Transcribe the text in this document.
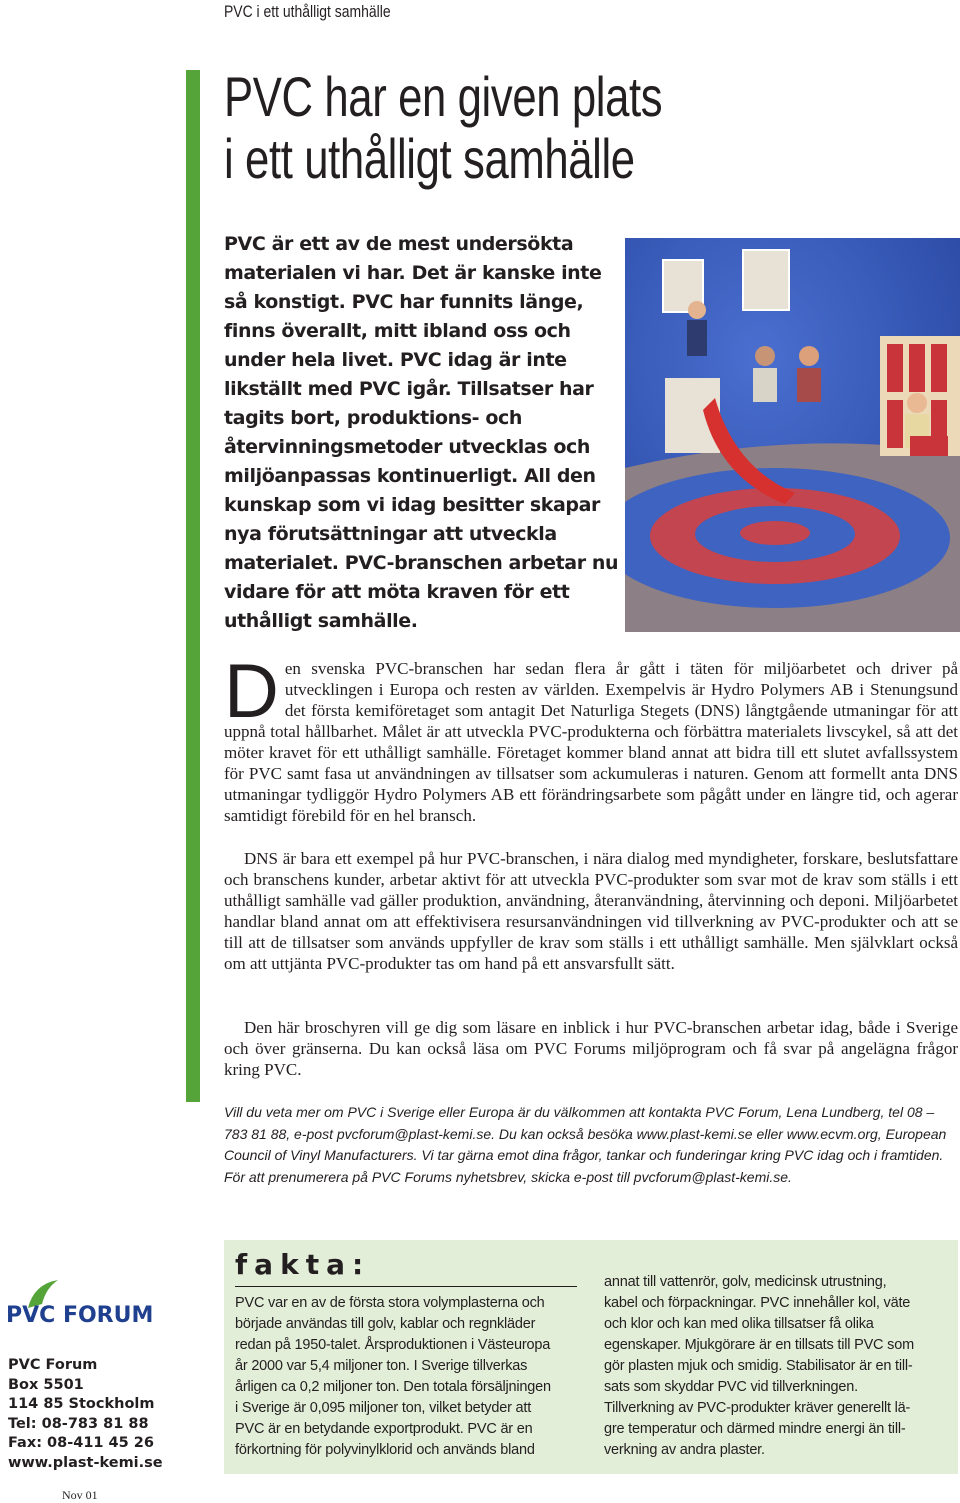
PVC i ett uthålligt samhälle
PVC har en given plats
i ett uthålligt samhälle

PVC är ett av de mest undersökta materialen vi har. Det är kanske inte så konstigt. PVC har funnits länge, finns överallt, mitt ibland oss och under hela livet. PVC idag är inte likställt med PVC igår. Tillsatser har tagits bort, produktions- och återvinningsmetoder utvecklas och miljöanpassas kontinuerligt. All den kunskap som vi idag besitter skapar nya förutsättningar att utveckla materialet. PVC-branschen arbetar nu vidare för att möta kraven för ett uthålligt samhälle.

Den svenska PVC-branschen har sedan flera år gått i täten för miljöarbetet och driver på utvecklingen i Europa och resten av världen. Exempelvis är Hydro Polymers AB i Stenungsund det första kemiföretaget som antagit Det Naturliga Stegets (DNS) långtgående utmaningar för att uppnå total hållbarhet. Målet är att utveckla PVC-produkterna och förbättra materialets livscykel, så att det möter kravet för ett uthålligt samhälle. Företaget kommer bland annat att bidra till ett slutet avfallssystem för PVC samt fasa ut användningen av tillsatser som ackumuleras i naturen. Genom att formellt anta DNS utmaningar tydliggör Hydro Polymers AB ett förändringsarbete som pågått under en längre tid, och agerar samtidigt förebild för en hel bransch.

DNS är bara ett exempel på hur PVC-branschen, i nära dialog med myndigheter, forskare, beslutsfattare och branschens kunder, arbetar aktivt för att utveckla PVC-produkter som svar mot de krav som ställs i ett uthålligt samhälle vad gäller produktion, användning, återanvändning, återvinning och deponi. Miljöarbetet handlar bland annat om att effektivisera resursanvändningen vid tillverkning av PVC-produkter och att se till att de tillsatser som används uppfyller de krav som ställs i ett uthålligt samhälle. Men självklart också om att uttjänta PVC-produkter tas om hand på ett ansvarsfullt sätt.

Den här broschyren vill ge dig som läsare en inblick i hur PVC-branschen arbetar idag, både i Sverige och över gränserna. Du kan också läsa om PVC Forums miljöprogram och få svar på angelägna frågor kring PVC.

Vill du veta mer om PVC i Sverige eller Europa är du välkommen att kontakta PVC Forum, Lena Lundberg, tel 08 – 783 81 88, e-post pvcforum@plast-kemi.se. Du kan också besöka www.plast-kemi.se eller www.ecvm.org, European Council of Vinyl Manufacturers. Vi tar gärna emot dina frågor, tankar och funderingar kring PVC idag och i framtiden.

För att prenumerera på PVC Forums nyhetsbrev, skicka e-post till pvcforum@plast-kemi.se.

PVC FORUM
PVC Forum
Box 5501
114 85 Stockholm
Tel: 08-783 81 88
Fax: 08-411 45 26
www.plast-kemi.se
Nov 01
fakta:
PVC var en av de första stora volymplasterna och
började användas till golv, kablar och regnkläder
redan på 1950-talet. Årsproduktionen i Västeuropa
år 2000 var 5,4 miljoner ton. I Sverige tillverkas
årligen ca 0,2 miljoner ton. Den totala försäljningen
i Sverige är 0,095 miljoner ton, vilket betyder att
PVC är en betydande exportprodukt. PVC är en
förkortning för polyvinylklorid och används bland
annat till vattenrör, golv, medicinsk utrustning,
kabel och förpackningar. PVC innehåller kol, väte
och klor och kan med olika tillsatser få olika
egenskaper. Mjukgörare är en tillsats till PVC som
gör plasten mjuk och smidig. Stabilisator är en till-
sats som skyddar PVC vid tillverkningen.
Tillverkning av PVC-produkter kräver generellt lä-
gre temperatur och därmed mindre energi än till-
verkning av andra plaster.
